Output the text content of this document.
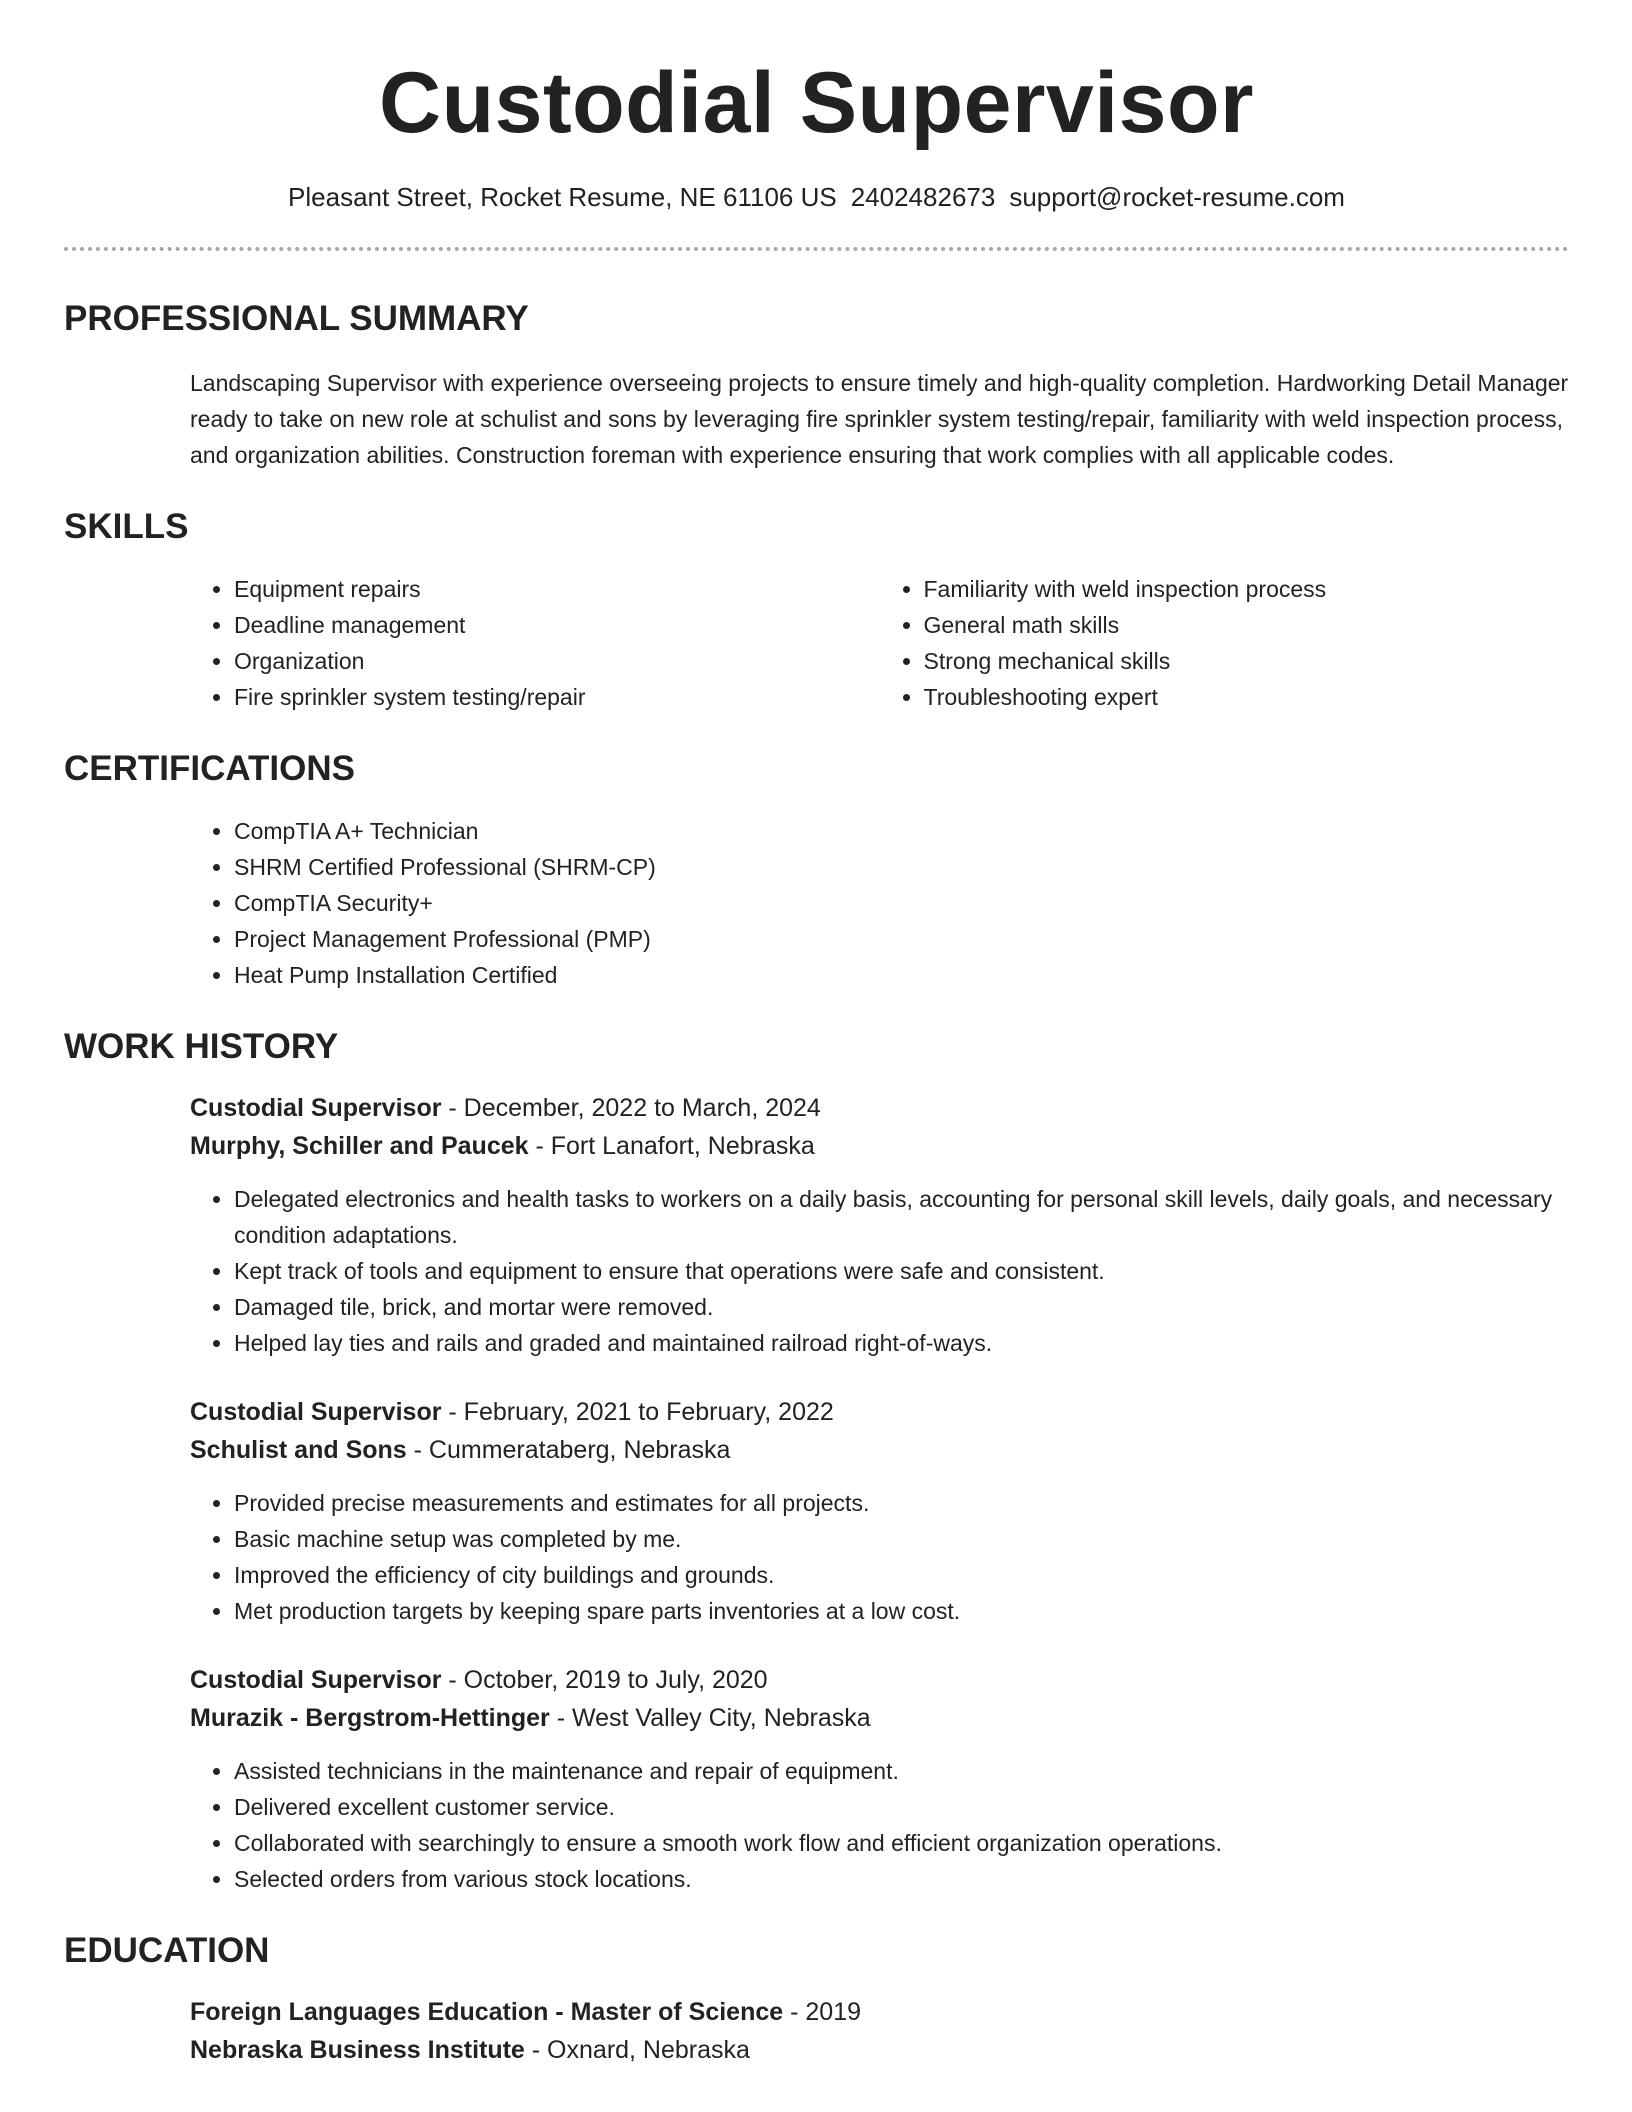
Custodial Supervisor
Pleasant Street, Rocket Resume, NE 61106 US 2402482673 support@rocket-resume.com
PROFESSIONAL SUMMARY
Landscaping Supervisor with experience overseeing projects to ensure timely and high-quality completion. Hardworking Detail Manager ready to take on new role at schulist and sons by leveraging fire sprinkler system testing/repair, familiarity with weld inspection process, and organization abilities. Construction foreman with experience ensuring that work complies with all applicable codes.
SKILLS
• Equipment repairs
• Deadline management
• Organization
• Fire sprinkler system testing/repair
• Familiarity with weld inspection process
• General math skills
• Strong mechanical skills
• Troubleshooting expert
CERTIFICATIONS
• CompTIA A+ Technician
• SHRM Certified Professional (SHRM-CP)
• CompTIA Security+
• Project Management Professional (PMP)
• Heat Pump Installation Certified
WORK HISTORY
Custodial Supervisor - December, 2022 to March, 2024
Murphy, Schiller and Paucek - Fort Lanafort, Nebraska
• Delegated electronics and health tasks to workers on a daily basis, accounting for personal skill levels, daily goals, and necessary condition adaptations.
• Kept track of tools and equipment to ensure that operations were safe and consistent.
• Damaged tile, brick, and mortar were removed.
• Helped lay ties and rails and graded and maintained railroad right-of-ways.
Custodial Supervisor - February, 2021 to February, 2022
Schulist and Sons - Cummerataberg, Nebraska
• Provided precise measurements and estimates for all projects.
• Basic machine setup was completed by me.
• Improved the efficiency of city buildings and grounds.
• Met production targets by keeping spare parts inventories at a low cost.
Custodial Supervisor - October, 2019 to July, 2020
Murazik - Bergstrom-Hettinger - West Valley City, Nebraska
• Assisted technicians in the maintenance and repair of equipment.
• Delivered excellent customer service.
• Collaborated with searchingly to ensure a smooth work flow and efficient organization operations.
• Selected orders from various stock locations.
EDUCATION
Foreign Languages Education - Master of Science - 2019
Nebraska Business Institute - Oxnard, Nebraska
